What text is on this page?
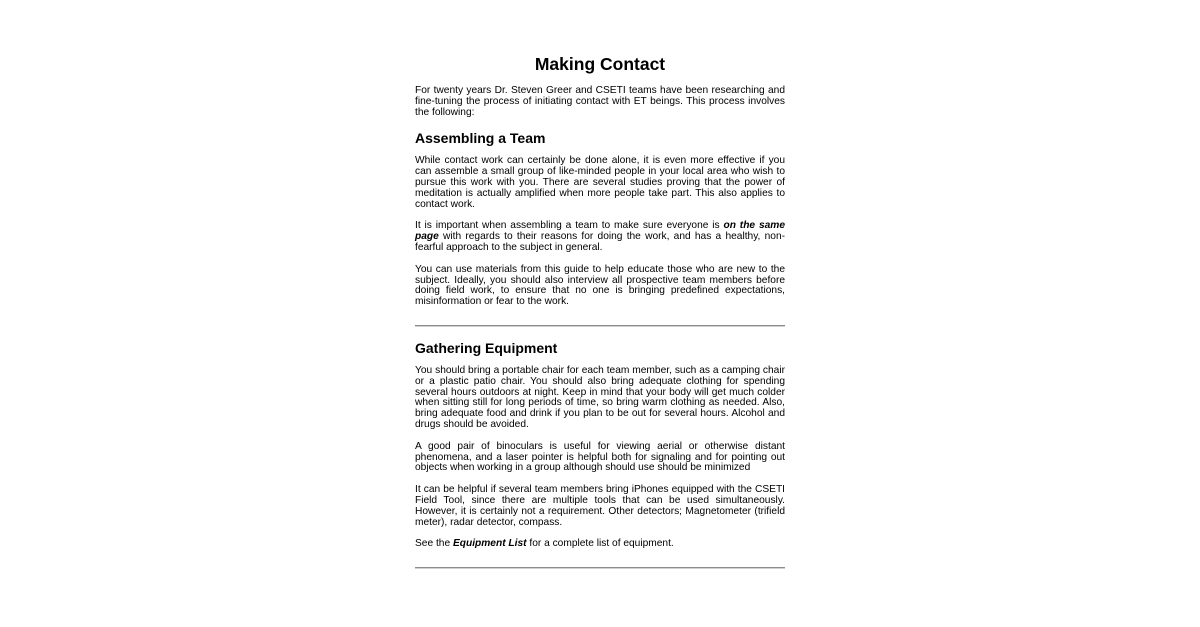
Making Contact

For twenty years Dr. Steven Greer and CSETI teams have been researching and fine-tuning the process of initiating contact with ET beings. This process involves the following:

Assembling a Team

While contact work can certainly be done alone, it is even more effective if you can assemble a small group of like-minded people in your local area who wish to pursue this work with you. There are several studies proving that the power of meditation is actually amplified when more people take part. This also applies to contact work.

It is important when assembling a team to make sure everyone is on the same page with regards to their reasons for doing the work, and has a healthy, non-fearful approach to the subject in general.

You can use materials from this guide to help educate those who are new to the subject. Ideally, you should also interview all prospective team members before doing field work, to ensure that no one is bringing predefined expectations, misinformation or fear to the work.

Gathering Equipment

You should bring a portable chair for each team member, such as a camping chair or a plastic patio chair. You should also bring adequate clothing for spending several hours outdoors at night. Keep in mind that your body will get much colder when sitting still for long periods of time, so bring warm clothing as needed. Also, bring adequate food and drink if you plan to be out for several hours. Alcohol and drugs should be avoided.

A good pair of binoculars is useful for viewing aerial or otherwise distant phenomena, and a laser pointer is helpful both for signaling and for pointing out objects when working in a group although should use should be minimized

It can be helpful if several team members bring iPhones equipped with the CSETI Field Tool, since there are multiple tools that can be used simultaneously. However, it is certainly not a requirement. Other detectors; Magnetometer (trifield meter), radar detector, compass.

See the Equipment List for a complete list of equipment.
